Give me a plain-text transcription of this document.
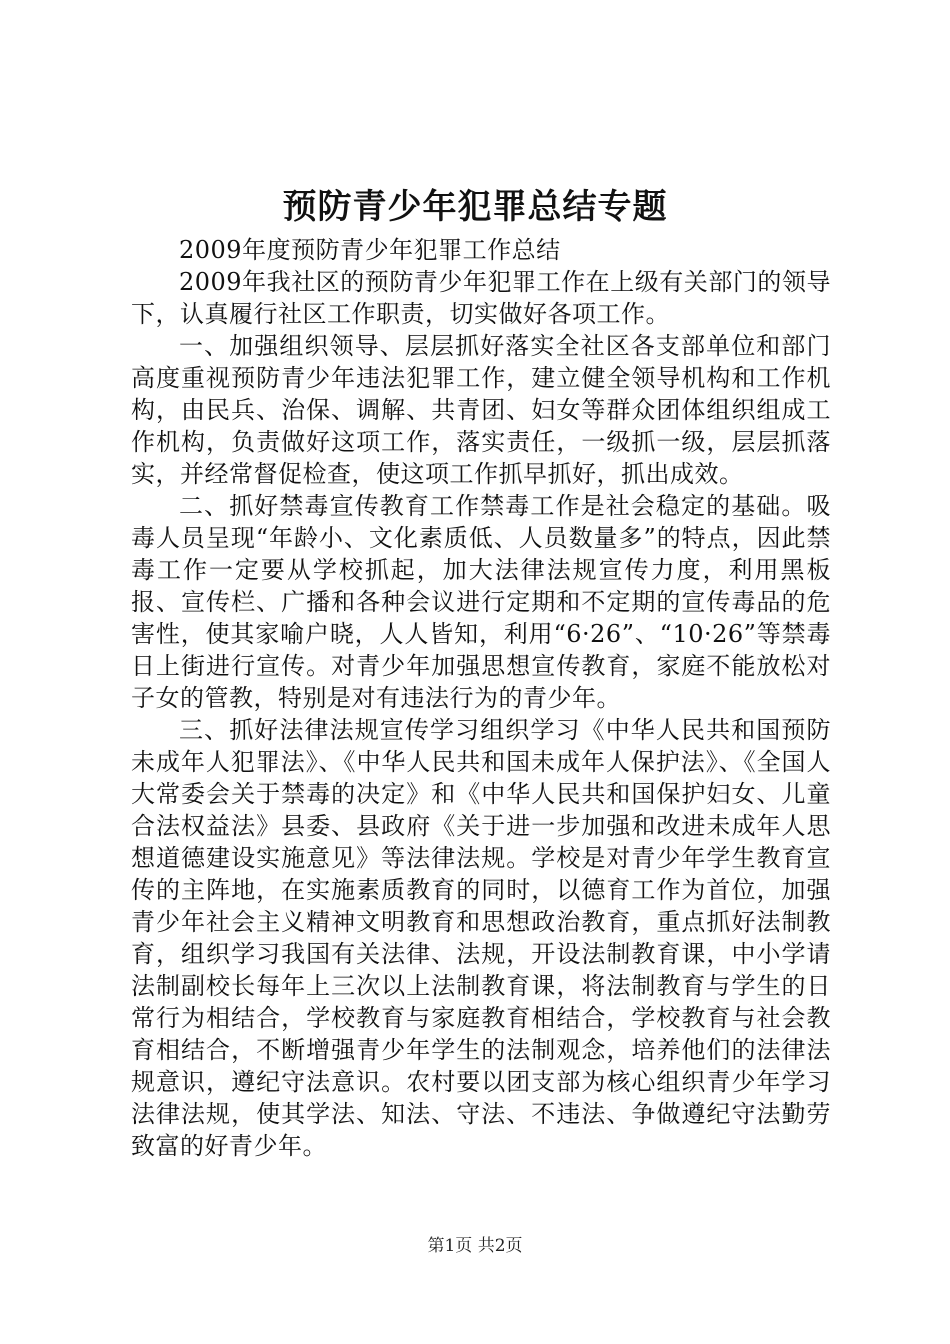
预防青少年犯罪总结专题

2009年度预防青少年犯罪工作总结

2009年我社区的预防青少年犯罪工作在上级有关部门的领导下，认真履行社区工作职责，切实做好各项工作。

一、加强组织领导、层层抓好落实全社区各支部单位和部门高度重视预防青少年违法犯罪工作，建立健全领导机构和工作机构，由民兵、治保、调解、共青团、妇女等群众团体组织组成工作机构，负责做好这项工作，落实责任，一级抓一级，层层抓落实，并经常督促检查，使这项工作抓早抓好，抓出成效。

二、抓好禁毒宣传教育工作禁毒工作是社会稳定的基础。吸毒人员呈现“年龄小、文化素质低、人员数量多”的特点，因此禁毒工作一定要从学校抓起，加大法律法规宣传力度，利用黑板报、宣传栏、广播和各种会议进行定期和不定期的宣传毒品的危害性，使其家喻户晓，人人皆知，利用“6·26”、“10·26”等禁毒日上街进行宣传。对青少年加强思想宣传教育，家庭不能放松对子女的管教，特别是对有违法行为的青少年。

三、抓好法律法规宣传学习组织学习《中华人民共和国预防未成年人犯罪法》、《中华人民共和国未成年人保护法》、《全国人大常委会关于禁毒的决定》和《中华人民共和国保护妇女、儿童合法权益法》县委、县政府《关于进一步加强和改进未成年人思想道德建设实施意见》等法律法规。学校是对青少年学生教育宣传的主阵地，在实施素质教育的同时，以德育工作为首位，加强青少年社会主义精神文明教育和思想政治教育，重点抓好法制教育，组织学习我国有关法律、法规，开设法制教育课，中小学请法制副校长每年上三次以上法制教育课，将法制教育与学生的日常行为相结合，学校教育与家庭教育相结合，学校教育与社会教育相结合，不断增强青少年学生的法制观念，培养他们的法律法规意识，遵纪守法意识。农村要以团支部为核心组织青少年学习法律法规，使其学法、知法、守法、不违法、争做遵纪守法勤劳致富的好青少年。

第1页 共2页
